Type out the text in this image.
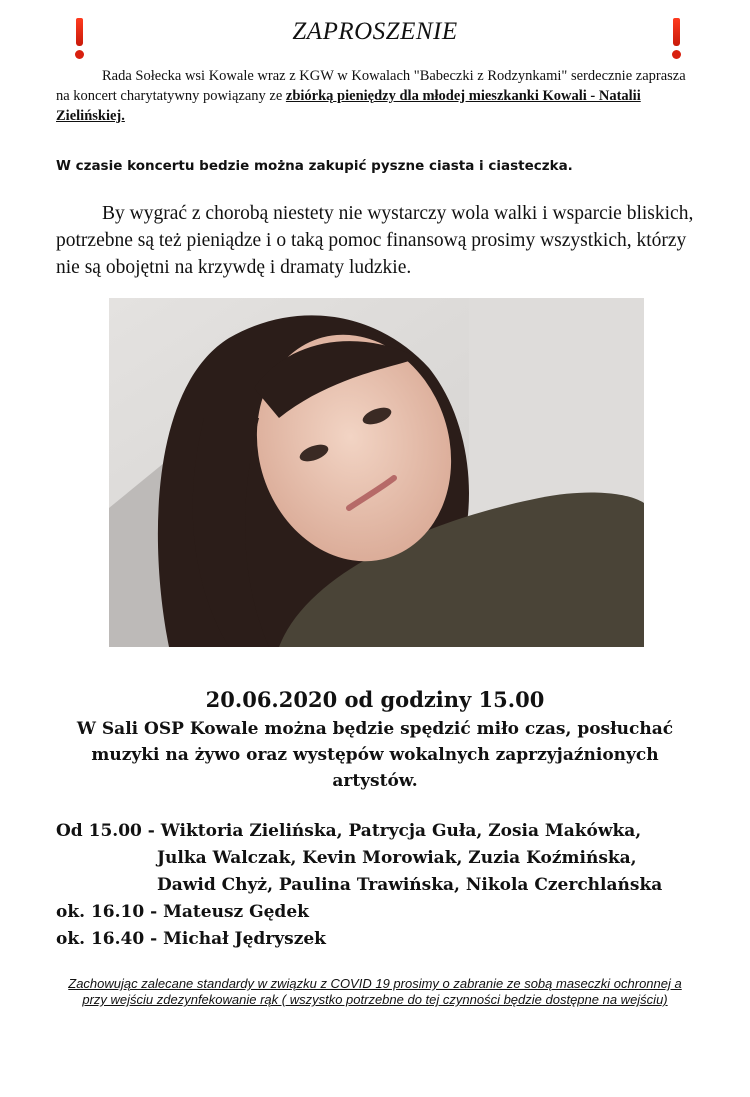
ZAPROSZENIE
Rada Sołecka wsi Kowale wraz z KGW w Kowalach "Babeczki z Rodzynkami" serdecznie zaprasza na koncert charytatywny powiązany ze zbiórką pieniędzy dla młodej mieszkanki Kowali - Natalii Zielińskiej.
W czasie koncertu bedzie można zakupić pyszne ciasta i ciasteczka.
By wygrać z chorobą niestety nie wystarczy wola walki i wsparcie bliskich, potrzebne są też pieniądze i o taką pomoc finansową prosimy wszystkich, którzy nie są obojętni na krzywdę i dramaty ludzkie.
20.06.2020 od godziny 15.00
W Sali OSP Kowale można będzie spędzić miło czas, posłuchać muzyki na żywo oraz występów wokalnych zaprzyjaźnionych artystów.
Od 15.00 - Wiktoria Zielińska, Patrycja Guła, Zosia Makówka,
Julka Walczak, Kevin Morowiak, Zuzia Koźmińska,
Dawid Chyż, Paulina Trawińska, Nikola Czerchlańska
ok. 16.10 - Mateusz Gędek
ok. 16.40 - Michał Jędryszek
Zachowując zalecane standardy w związku z COVID 19 prosimy o zabranie ze sobą maseczki ochronnej a przy wejściu zdezynfekowanie rąk ( wszystko potrzebne do tej czynności będzie dostępne na wejściu)
